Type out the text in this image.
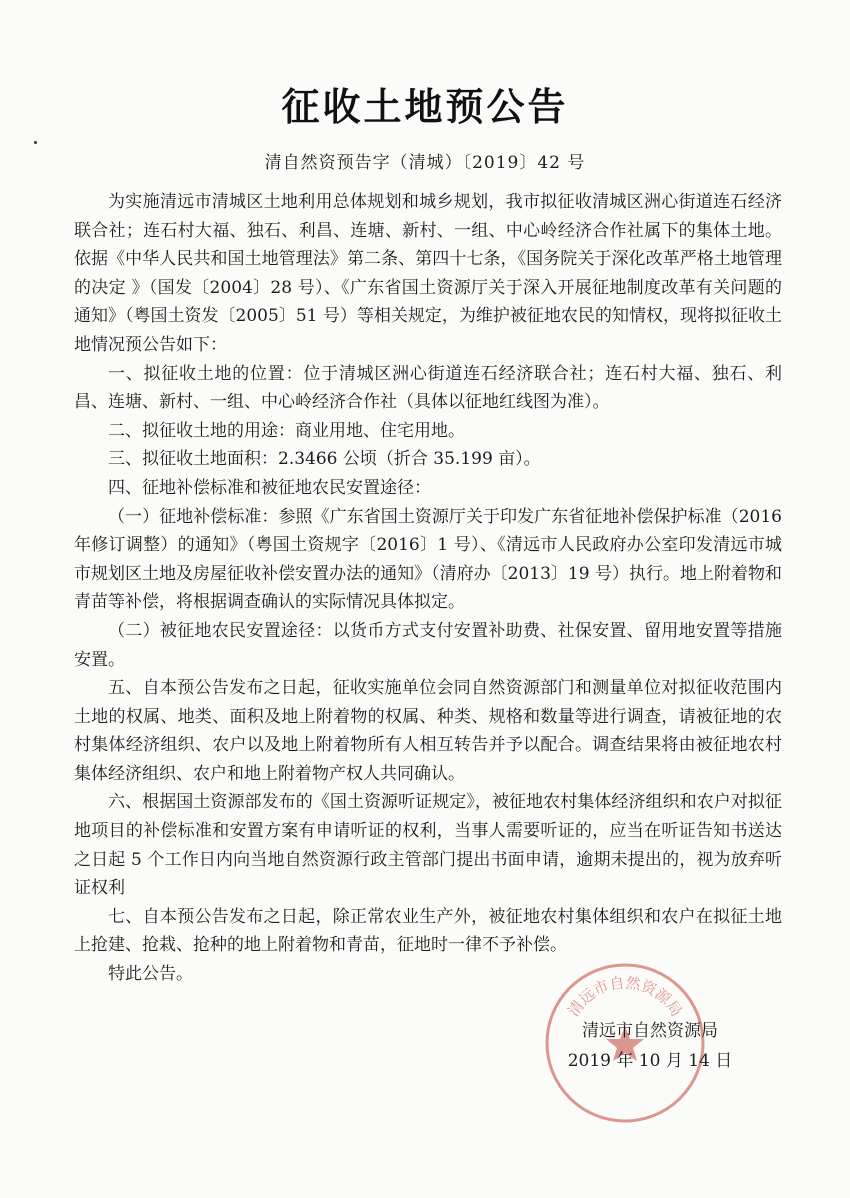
征收土地预公告
清自然资预告字（清城）〔2019〕42 号

为实施清远市清城区土地利用总体规划和城乡规划，我市拟征收清城区洲心街道连石经济联合社；连石村大福、独石、利昌、连塘、新村、一组、中心岭经济合作社属下的集体土地。依据《中华人民共和国土地管理法》第二条、第四十七条，《国务院关于深化改革严格土地管理的决定 》（国发〔2004〕28 号）、《广东省国土资源厅关于深入开展征地制度改革有关问题的通知》（粤国土资发〔2005〕51 号）等相关规定，为维护被征地农民的知情权，现将拟征收土地情况预公告如下：

一、拟征收土地的位置：位于清城区洲心街道连石经济联合社；连石村大福、独石、利昌、连塘、新村、一组、中心岭经济合作社（具体以征地红线图为准）。

二、拟征收土地的用途：商业用地、住宅用地。

三、拟征收土地面积：2.3466 公顷（折合 35.199 亩）。

四、征地补偿标准和被征地农民安置途径：

（一）征地补偿标准：参照《广东省国土资源厅关于印发广东省征地补偿保护标准（2016 年修订调整）的通知》（粤国土资规字〔2016〕1 号）、《清远市人民政府办公室印发清远市城市规划区土地及房屋征收补偿安置办法的通知》（清府办〔2013〕19 号）执行。地上附着物和青苗等补偿，将根据调查确认的实际情况具体拟定。

（二）被征地农民安置途径：以货币方式支付安置补助费、社保安置、留用地安置等措施安置。

五、自本预公告发布之日起，征收实施单位会同自然资源部门和测量单位对拟征收范围内土地的权属、地类、面积及地上附着物的权属、种类、规格和数量等进行调查，请被征地的农村集体经济组织、农户以及地上附着物所有人相互转告并予以配合。调查结果将由被征地农村集体经济组织、农户和地上附着物产权人共同确认。

六、根据国土资源部发布的《国土资源听证规定》，被征地农村集体经济组织和农户对拟征地项目的补偿标准和安置方案有申请听证的权利，当事人需要听证的，应当在听证告知书送达之日起 5 个工作日内向当地自然资源行政主管部门提出书面申请，逾期未提出的，视为放弃听证权利

七、自本预公告发布之日起，除正常农业生产外，被征地农村集体组织和农户在拟征土地上抢建、抢栽、抢种的地上附着物和青苗，征地时一律不予补偿。

特此公告。

清远市自然资源局
清远市自然资源局
2019 年 10 月 14 日
